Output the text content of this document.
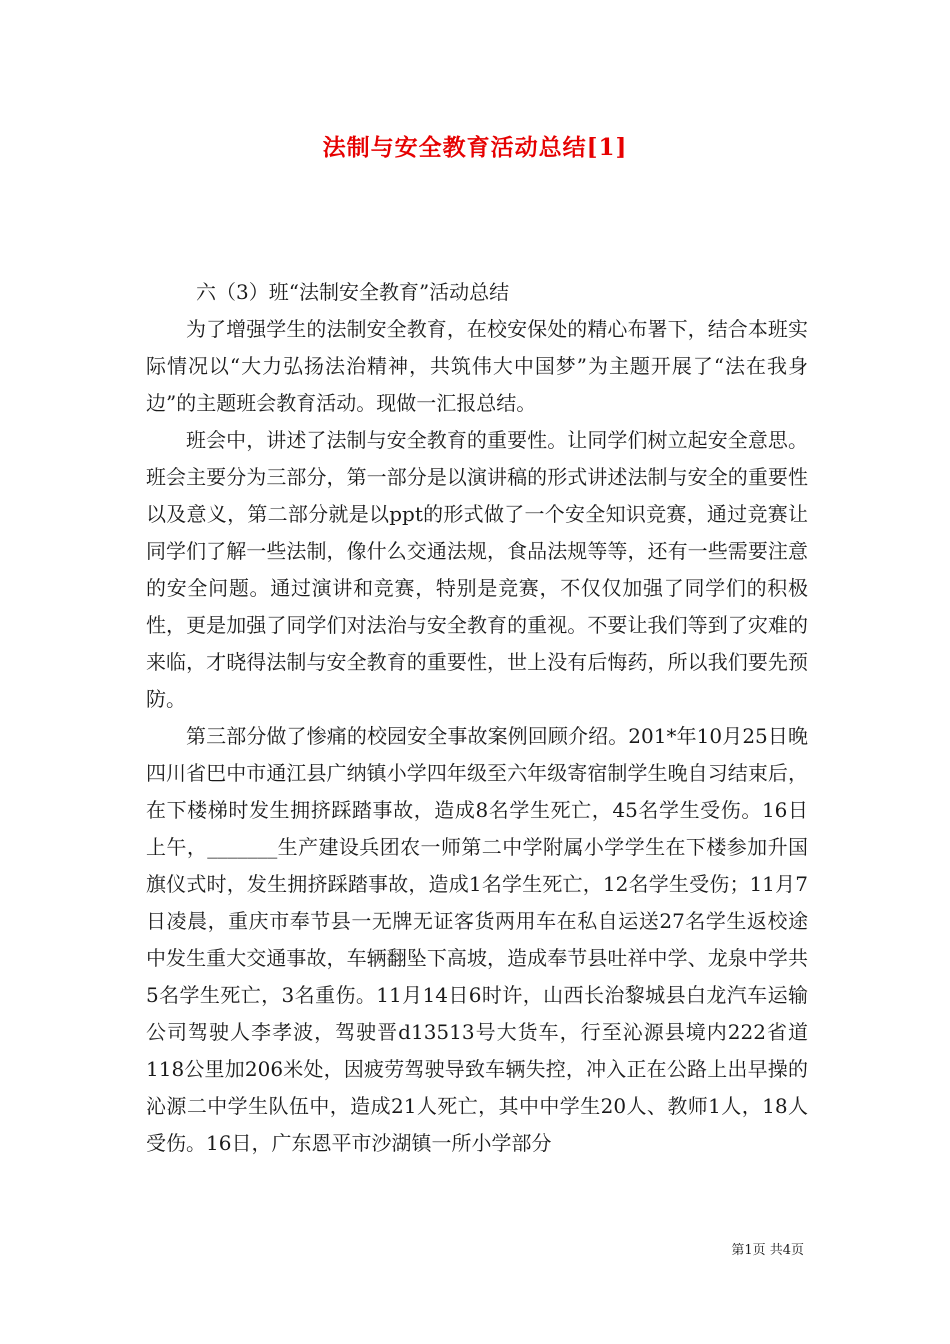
法制与安全教育活动总结[1]

六（3）班“法制安全教育”活动总结

为了增强学生的法制安全教育，在校安保处的精心布署下，结合本班实际情况以“大力弘扬法治精神，共筑伟大中国梦”为主题开展了“法在我身边”的主题班会教育活动。现做一汇报总结。

班会中，讲述了法制与安全教育的重要性。让同学们树立起安全意思。班会主要分为三部分，第一部分是以演讲稿的形式讲述法制与安全的重要性以及意义，第二部分就是以ppt的形式做了一个安全知识竞赛，通过竞赛让同学们了解一些法制，像什么交通法规，食品法规等等，还有一些需要注意的安全问题。通过演讲和竞赛，特别是竞赛，不仅仅加强了同学们的积极性，更是加强了同学们对法治与安全教育的重视。不要让我们等到了灾难的来临，才晓得法制与安全教育的重要性，世上没有后悔药，所以我们要先预防。

第三部分做了惨痛的校园安全事故案例回顾介绍。201*年10月25日晚四川省巴中市通江县广纳镇小学四年级至六年级寄宿制学生晚自习结束后，在下楼梯时发生拥挤踩踏事故，造成8名学生死亡，45名学生受伤。16日上午，_______生产建设兵团农一师第二中学附属小学学生在下楼参加升国旗仪式时，发生拥挤踩踏事故，造成1名学生死亡，12名学生受伤；11月7日凌晨，重庆市奉节县一无牌无证客货两用车在私自运送27名学生返校途中发生重大交通事故，车辆翻坠下高坡，造成奉节县吐祥中学、龙泉中学共5名学生死亡，3名重伤。11月14日6时许，山西长治黎城县白龙汽车运输公司驾驶人李孝波，驾驶晋d13513号大货车，行至沁源县境内222省道118公里加206米处，因疲劳驾驶导致车辆失控，冲入正在公路上出早操的沁源二中学生队伍中，造成21人死亡，其中中学生20人、教师1人，18人受伤。16日，广东恩平市沙湖镇一所小学部分

第1页 共4页
